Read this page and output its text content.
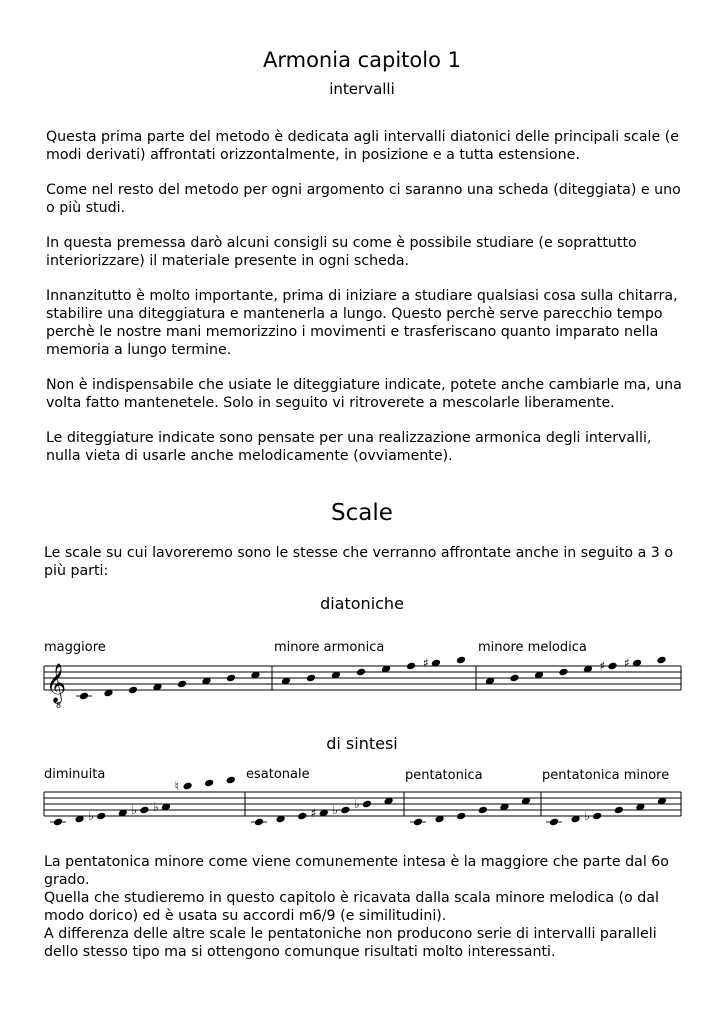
Armonia capitolo 1

intervalli

Questa prima parte del metodo è dedicata agli intervalli diatonici delle principali scale (e modi derivati) affrontati orizzontalmente, in posizione e a tutta estensione.

Come nel resto del metodo per ogni argomento ci saranno una scheda (diteggiata) e uno o più studi.

In questa premessa darò alcuni consigli su come è possibile studiare (e soprattutto interiorizzare) il materiale presente in ogni scheda.

Innanzitutto è molto importante, prima di iniziare a studiare qualsiasi cosa sulla chitarra, stabilire una diteggiatura e mantenerla a lungo. Questo perchè serve parecchio tempo perchè le nostre mani memorizzino i movimenti e trasferiscano quanto imparato nella memoria a lungo termine.

Non è indispensabile che usiate le diteggiature indicate, potete anche cambiarle ma, una volta fatto mantenetele. Solo in seguito vi ritroverete a mescolarle liberamente.

Le diteggiature indicate sono pensate per una realizzazione armonica degli intervalli, nulla vieta di usarle anche melodicamente (ovviamente).

Scale

Le scale su cui lavoreremo sono le stesse che verranno affrontate anche in seguito a 3 o più parti:

diatoniche

maggiore	minore armonica	minore melodica

𝄞
8
♯	♯ ♯
di sintesi

diminuita	esatonale	pentatonica	pentatonica minore

♭	♭ ♭
♮
♯ ♭ ♭
♭

La pentatonica minore come viene comunemente intesa è la maggiore che parte dal 6o grado.

Quella che studieremo in questo capitolo è ricavata dalla scala minore melodica (o dal modo dorico) ed è usata su accordi m6/9 (e similitudini).

A differenza delle altre scale le pentatoniche non producono serie di intervalli paralleli dello stesso tipo ma si ottengono comunque risultati molto interessanti.
